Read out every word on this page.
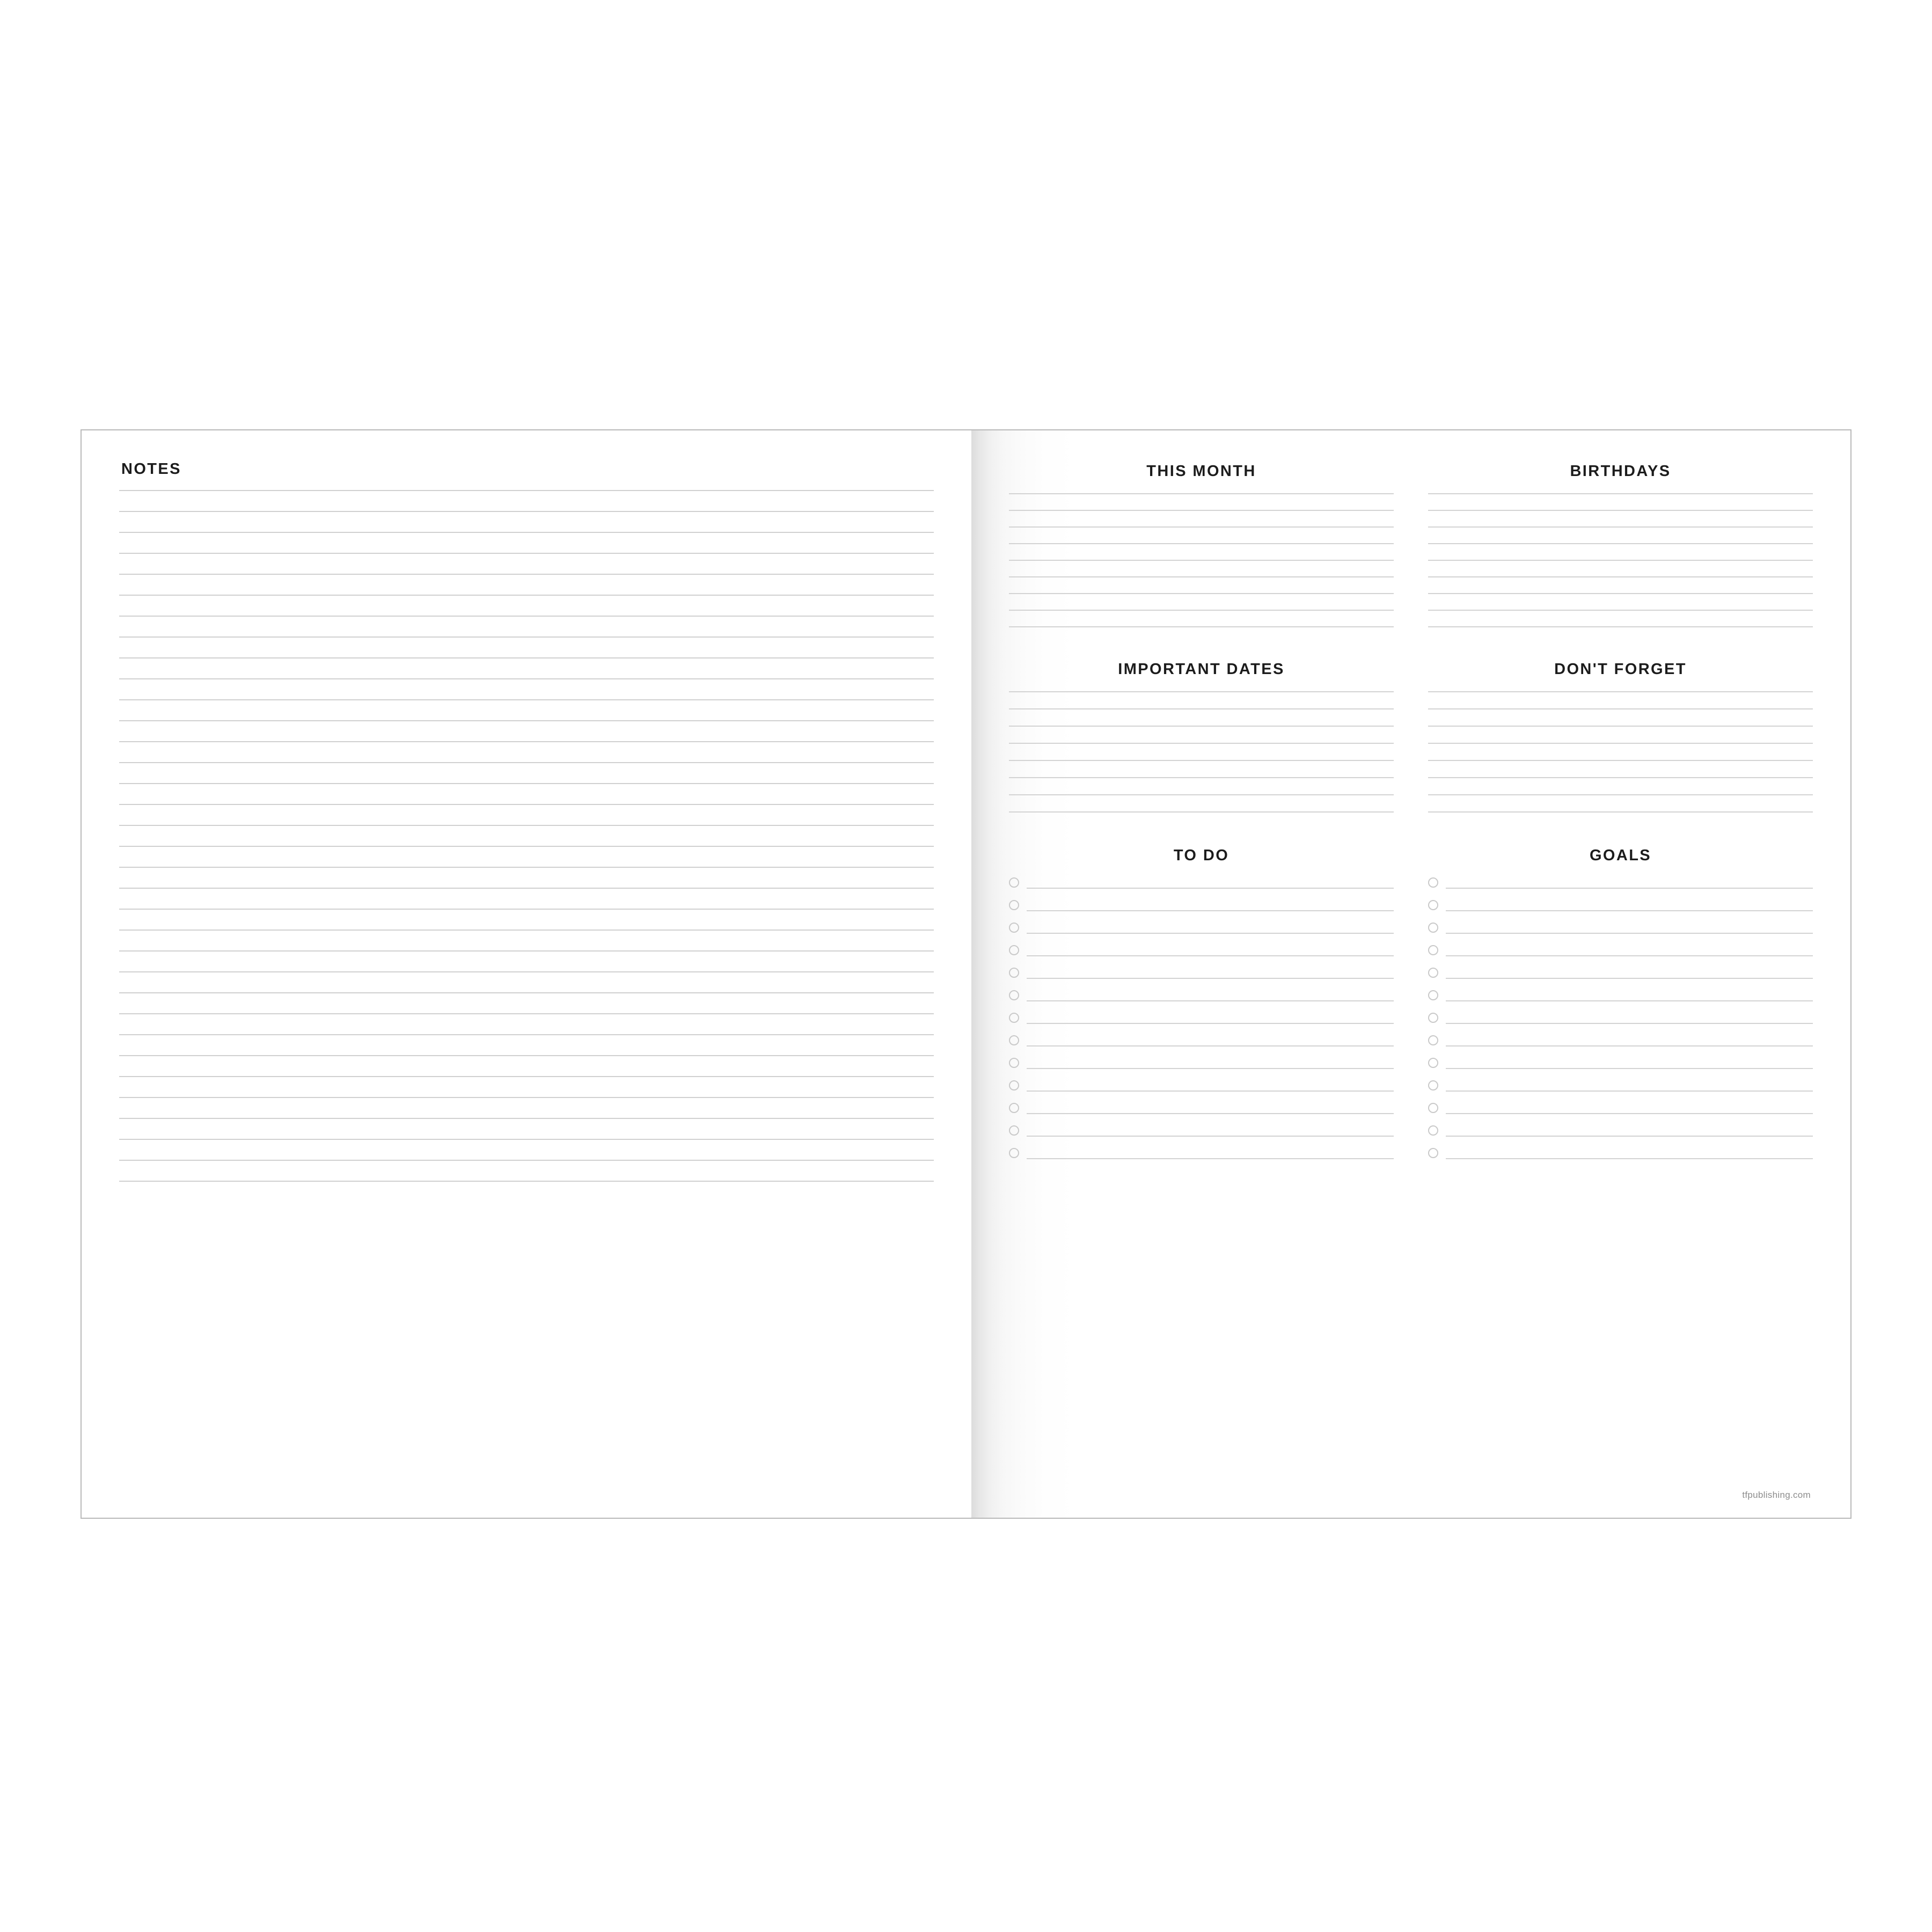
NOTES	THIS MONTH	BIRTHDAYS
IMPORTANT DATES	DON'T FORGET
TO DO	GOALS
tfpublishing.com
